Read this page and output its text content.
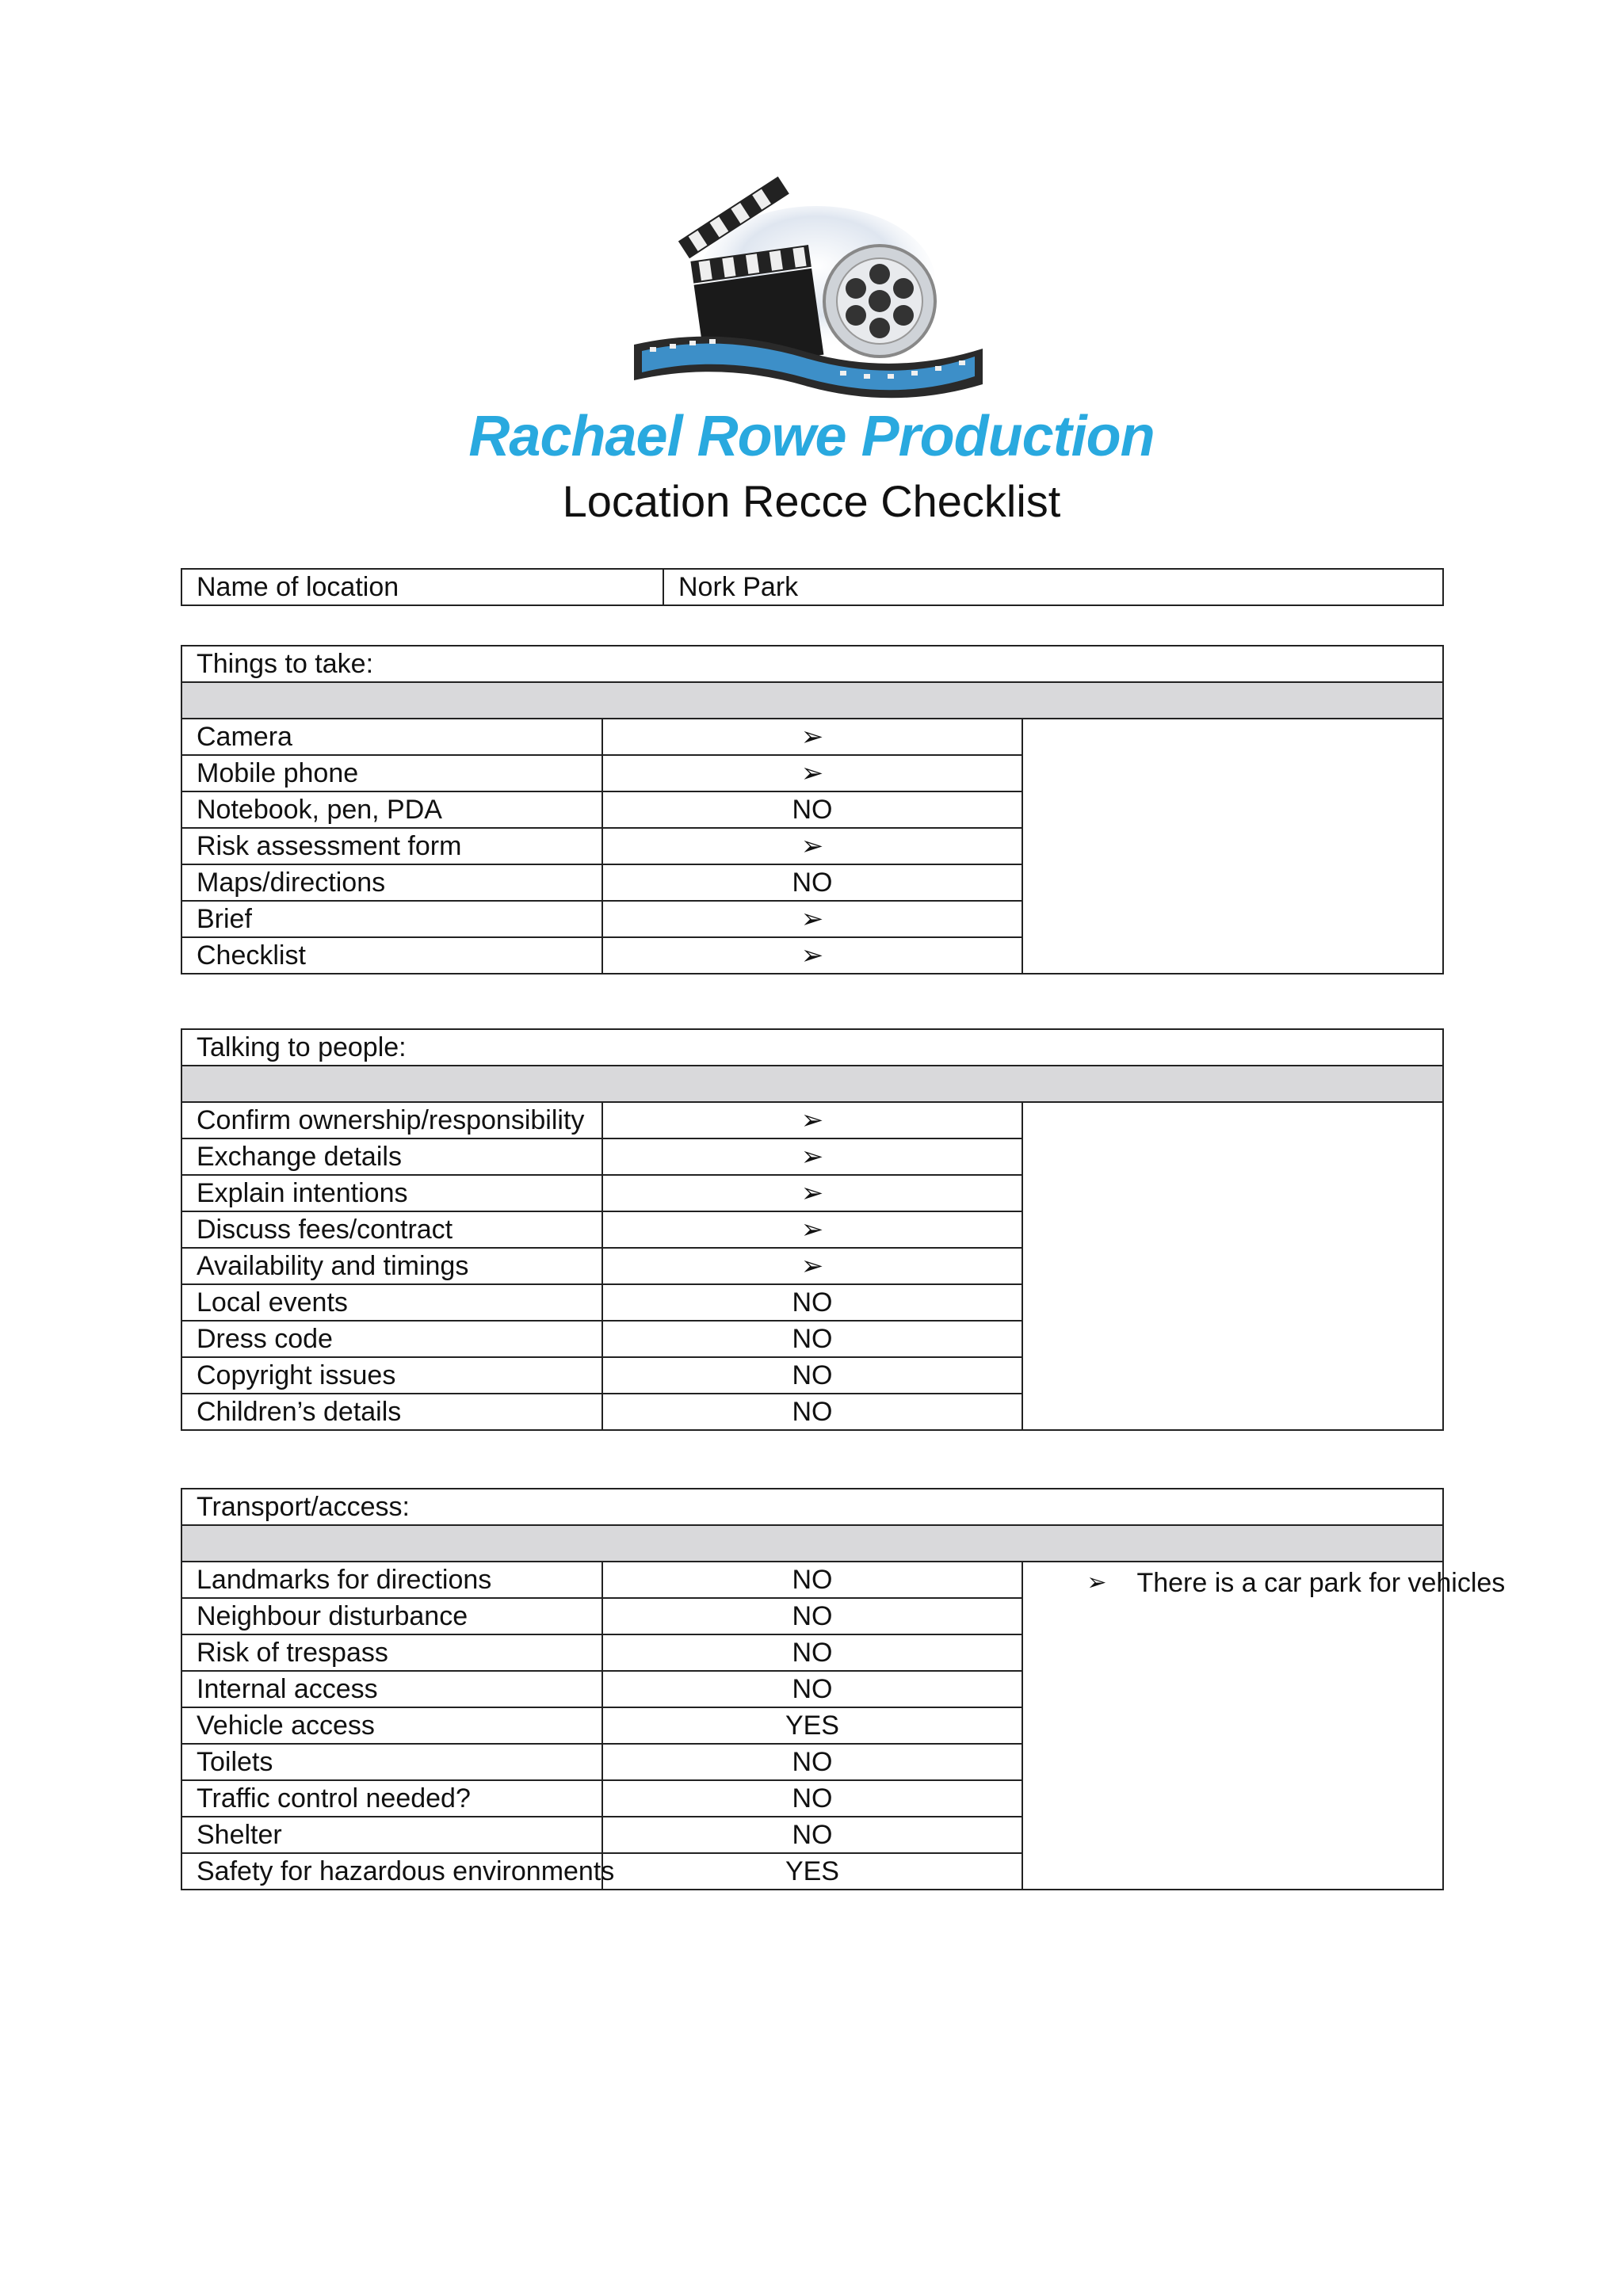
Rachael Rowe Production
Location Recce Checklist
Name of location	Nork Park
Things to take:		

Camera	➢	
Mobile phone	➢	
Notebook, pen, PDA	NO	
Risk assessment form	➢	
Maps/directions	NO	
Brief	➢	
Checklist	➢	
Talking to people:		

Confirm ownership/responsibility	➢	
Exchange details	➢	
Explain intentions	➢	
Discuss fees/contract	➢	
Availability and timings	➢	
Local events	NO	
Dress code	NO	
Copyright issues	NO	
Children’s details	NO	
Transport/access:		

Landmarks for directions	NO	➢ There is a car park for vehicles

Neighbour disturbance	NO	
Risk of trespass	NO	
Internal access	NO	
Vehicle access	YES	
Toilets	NO	
Traffic control needed?	NO	
Shelter	NO	
Safety for hazardous environments	YES	
